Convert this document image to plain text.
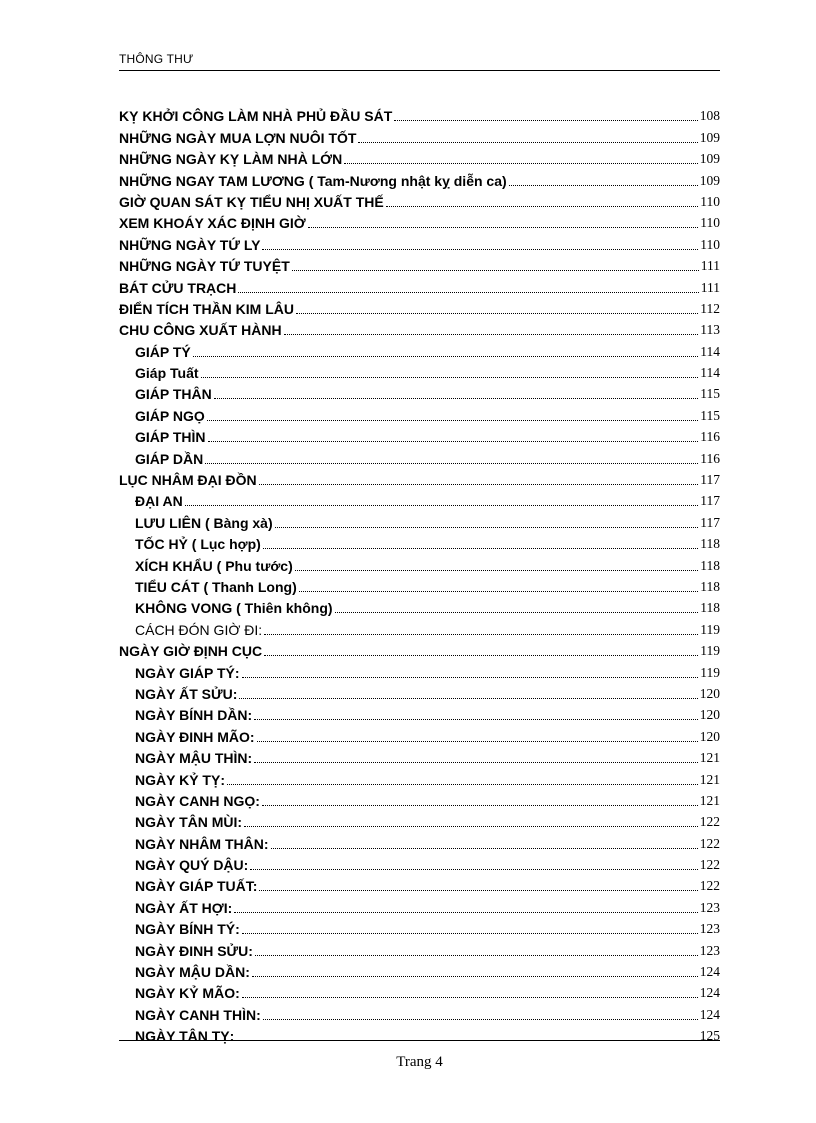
THÔNG THƯ
KỴ KHỞI CÔNG LÀM NHÀ PHỦ ĐẦU SÁT	108
NHỮNG NGÀY MUA LỢN NUÔI TỐT	109
NHỮNG NGÀY KỴ LÀM NHÀ LỚN	109
NHỮNG NGAY TAM LƯƠNG ( Tam-Nương nhật kỵ diễn ca)	109
GIỜ QUAN SÁT KỴ TIỂU NHỊ XUẤT THẾ	110
XEM KHOÁY XÁC ĐỊNH GIỜ	110
NHỮNG NGÀY TỨ LY	110
NHỮNG NGÀY TỨ TUYỆT	111
BÁT CỬU TRẠCH	111
ĐIỂN TÍCH THẦN KIM LÂU	112
CHU CÔNG XUẤT HÀNH	113
GIÁP TÝ	114
Giáp Tuất	114
GIÁP THÂN	115
GIÁP NGỌ	115
GIÁP THÌN	116
GIÁP DẦN	116
LỤC NHÂM ĐẠI ĐỒN	117
ĐẠI AN	117
LƯU LIÊN ( Bàng xà)	117
TỐC HỶ ( Lục hợp)	118
XÍCH KHẨU ( Phu tước)	118
TIỂU CÁT ( Thanh Long)	118
KHÔNG VONG ( Thiên không)	118
CÁCH ĐÓN GIỜ ĐI:	119
NGÀY GIỜ ĐỊNH CỤC	119
NGÀY GIÁP TÝ:	119
NGÀY ẤT SỬU:	120
NGÀY BÍNH DẦN:	120
NGÀY ĐINH MÃO:	120
NGÀY MẬU THÌN:	121
NGÀY KỶ TỴ:	121
NGÀY CANH NGỌ:	121
NGÀY TÂN MÙI:	122
NGÀY NHÂM THÂN:	122
NGÀY QUÝ DẬU:	122
NGÀY GIÁP TUẤT:	122
NGÀY ẤT HỢI:	123
NGÀY BÍNH TÝ:	123
NGÀY ĐINH SỬU:	123
NGÀY MẬU DẦN:	124
NGÀY KỶ MÃO:	124
NGÀY CANH THÌN:	124
NGÀY TÂN TỴ:	125
Trang 4
